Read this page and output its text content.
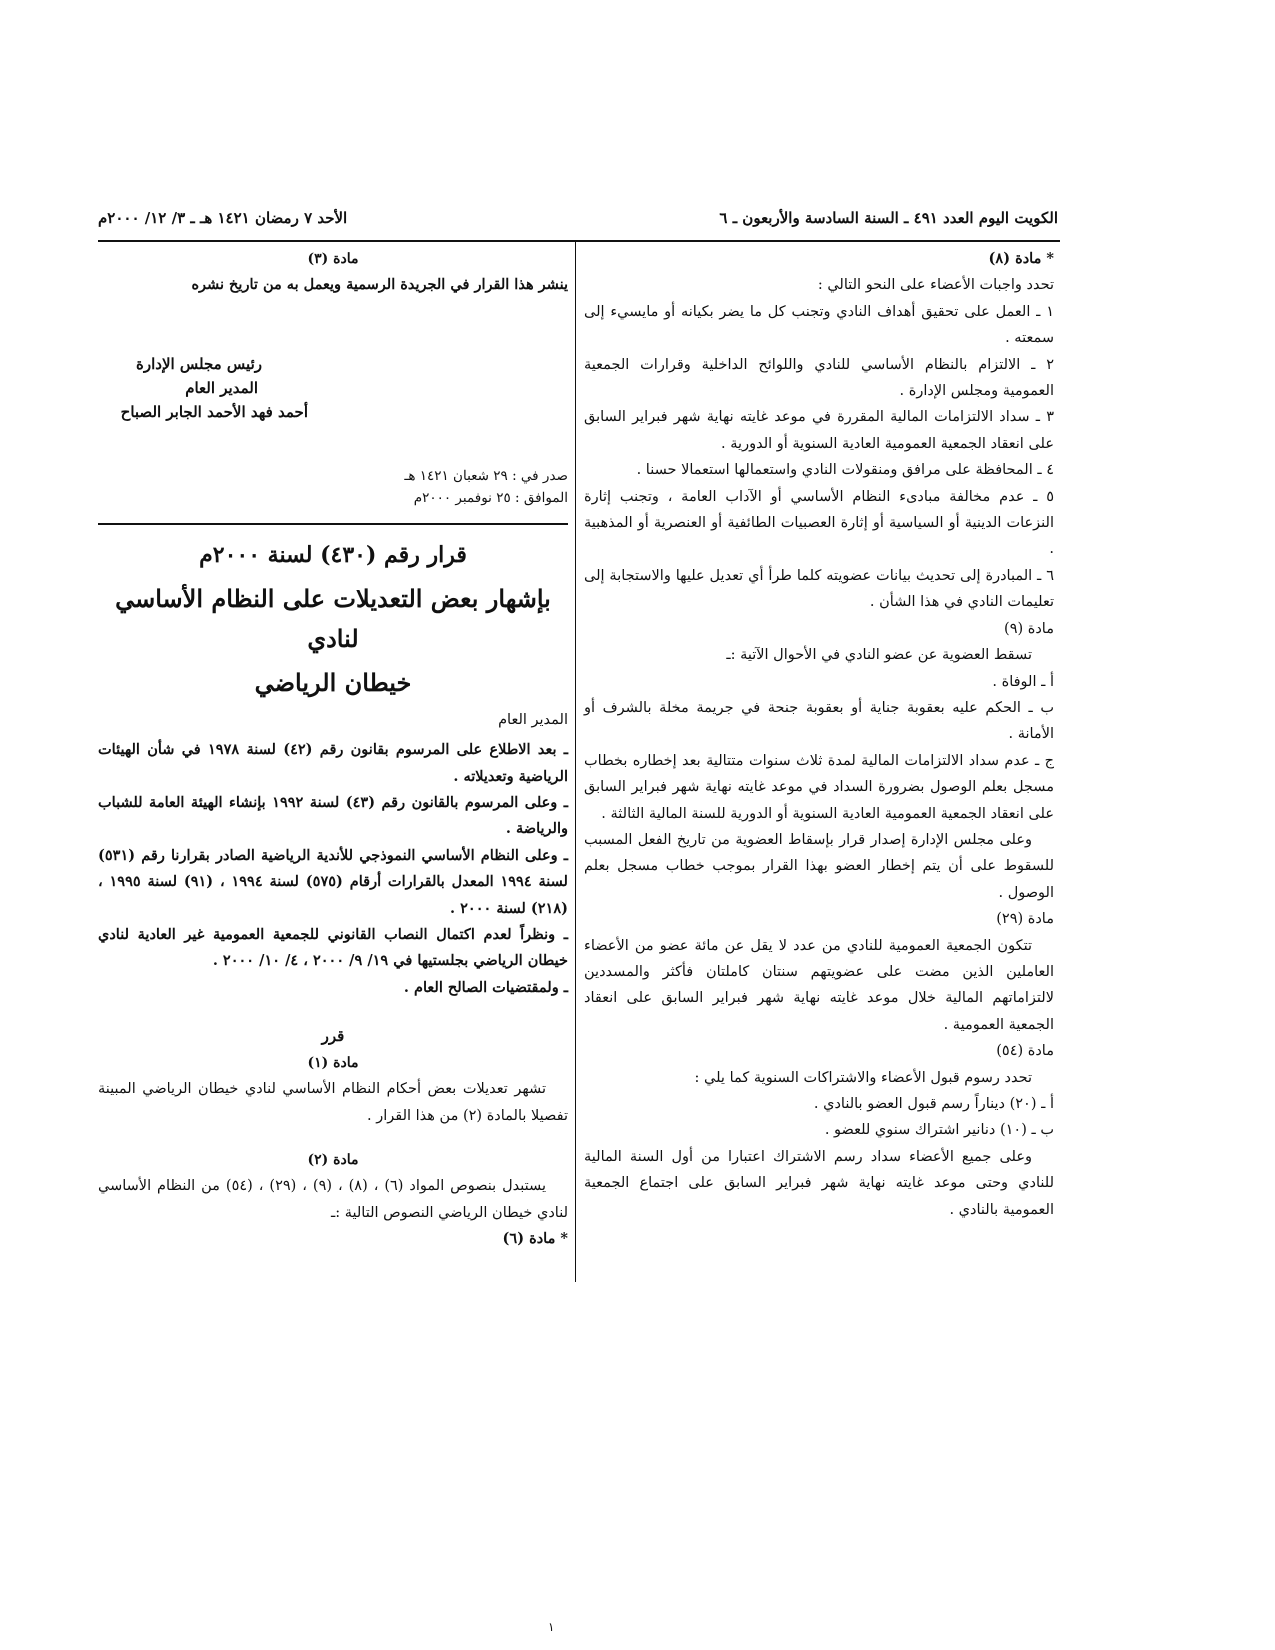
الكويت اليوم العدد ٤٩١ ـ السنة السادسة والأربعون ـ ٦
الأحد ٧ رمضان ١٤٢١ هـ ـ ٣/ ١٢/ ٢٠٠٠م
* مادة (٨)

تحدد واجبات الأعضاء على النحو التالي :

١ ـ العمل على تحقيق أهداف النادي وتجنب كل ما يضر بكيانه أو مايسيء إلى سمعته .

٢ ـ الالتزام بالنظام الأساسي للنادي واللوائح الداخلية وقرارات الجمعية العمومية ومجلس الإدارة .

٣ ـ سداد الالتزامات المالية المقررة في موعد غايته نهاية شهر فبراير السابق على انعقاد الجمعية العمومية العادية السنوية أو الدورية .

٤ ـ المحافظة على مرافق ومنقولات النادي واستعمالها استعمالا حسنا .

٥ ـ عدم مخالفة مبادىء النظام الأساسي أو الآداب العامة ، وتجنب إثارة النزعات الدينية أو السياسية أو إثارة العصبيات الطائفية أو العنصرية أو المذهبية .

٦ ـ المبادرة إلى تحديث بيانات عضويته كلما طرأ أي تعديل عليها والاستجابة إلى تعليمات النادي في هذا الشأن .

مادة (٩)

تسقط العضوية عن عضو النادي في الأحوال الآتية :ـ

أ ـ الوفاة .

ب ـ الحكم عليه بعقوبة جناية أو بعقوبة جنحة في جريمة مخلة بالشرف أو الأمانة .

ج ـ عدم سداد الالتزامات المالية لمدة ثلاث سنوات متتالية بعد إخطاره بخطاب مسجل بعلم الوصول بضرورة السداد في موعد غايته نهاية شهر فبراير السابق على انعقاد الجمعية العمومية العادية السنوية أو الدورية للسنة المالية الثالثة .

وعلى مجلس الإدارة إصدار قرار بإسقاط العضوية من تاريخ الفعل المسبب للسقوط على أن يتم إخطار العضو بهذا القرار بموجب خطاب مسجل بعلم الوصول .

مادة (٢٩)

تتكون الجمعية العمومية للنادي من عدد لا يقل عن مائة عضو من الأعضاء العاملين الذين مضت على عضويتهم سنتان كاملتان فأكثر والمسددين لالتزاماتهم المالية خلال موعد غايته نهاية شهر فبراير السابق على انعقاد الجمعية العمومية .

مادة (٥٤)

تحدد رسوم قبول الأعضاء والاشتراكات السنوية كما يلي :

أ ـ (٢٠) ديناراً رسم قبول العضو بالنادي .

ب ـ (١٠) دنانير اشتراك سنوي للعضو .

وعلى جميع الأعضاء سداد رسم الاشتراك اعتبارا من أول السنة المالية للنادي وحتى موعد غايته نهاية شهر فبراير السابق على اجتماع الجمعية العمومية بالنادي .

مادة (٣)

ينشر هذا القرار في الجريدة الرسمية ويعمل به من تاريخ نشره

رئيس مجلس الإدارة
المدير العام
أحمد فهد الأحمد الجابر الصباح
صدر في : ٢٩ شعبان ١٤٢١ هـ
الموافق : ٢٥ نوفمبر ٢٠٠٠م
قرار رقم (٤٣٠) لسنة ٢٠٠٠م
بإشهار بعض التعديلات على النظام الأساسي لنادي
خيطان الرياضي
المدير العام

ـ بعد الاطلاع على المرسوم بقانون رقم (٤٢) لسنة ١٩٧٨ في شأن الهيئات الرياضية وتعديلاته .

ـ وعلى المرسوم بالقانون رقم (٤٣) لسنة ١٩٩٢ بإنشاء الهيئة العامة للشباب والرياضة .

ـ وعلى النظام الأساسي النموذجي للأندية الرياضية الصادر بقرارنا رقم (٥٣١) لسنة ١٩٩٤ المعدل بالقرارات أرقام (٥٧٥) لسنة ١٩٩٤ ، (٩١) لسنة ١٩٩٥ ، (٢١٨) لسنة ٢٠٠٠ .

ـ ونظراً لعدم اكتمال النصاب القانوني للجمعية العمومية غير العادية لنادي خيطان الرياضي بجلستيها في ١٩/ ٩/ ٢٠٠٠ ، ٤/ ١٠/ ٢٠٠٠ .

ـ ولمقتضيات الصالح العام .

قرر
مادة (١)

تشهر تعديلات بعض أحكام النظام الأساسي لنادي خيطان الرياضي المبينة تفصيلا بالمادة (٢) من هذا القرار .

مادة (٢)

يستبدل بنصوص المواد (٦) ، (٨) ، (٩) ، (٢٩) ، (٥٤) من النظام الأساسي لنادي خيطان الرياضي النصوص التالية :ـ

* مادة (٦)
١
